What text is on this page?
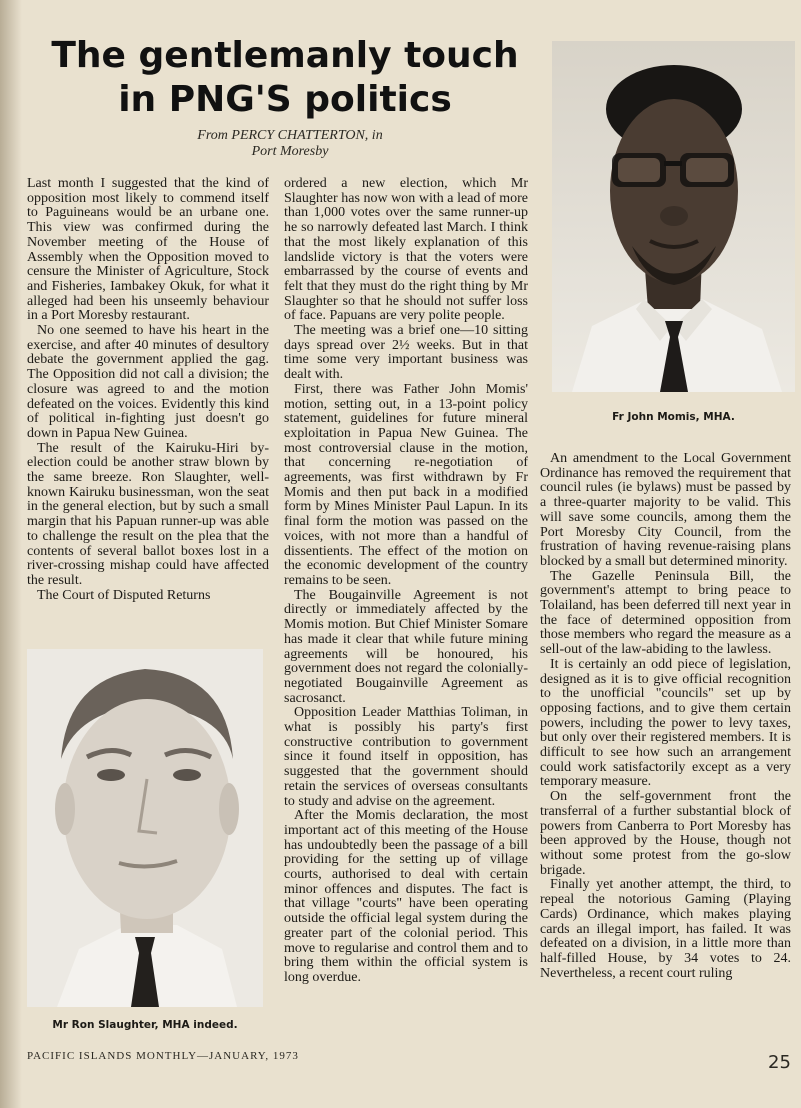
The gentlemanly touch
in PNG'S politics
From PERCY CHATTERTON, in
Port Moresby

Last month I suggested that the kind of opposition most likely to commend itself to Paguineans would be an urbane one. This view was confirmed during the November meeting of the House of Assembly when the Opposition moved to censure the Minister of Agriculture, Stock and Fisheries, Iambakey Okuk, for what it alleged had been his unseemly behaviour in a Port Moresby restaurant.

No one seemed to have his heart in the exercise, and after 40 minutes of desultory debate the government applied the gag. The Opposition did not call a division; the closure was agreed to and the motion defeated on the voices. Evidently this kind of political in-fighting just doesn't go down in Papua New Guinea.

The result of the Kairuku-Hiri by-election could be another straw blown by the same breeze. Ron Slaughter, well-known Kairuku businessman, won the seat in the general election, but by such a small margin that his Papuan runner-up was able to challenge the result on the plea that the contents of several ballot boxes lost in a river-crossing mishap could have affected the result.

The Court of Disputed Returns

ordered a new election, which Mr Slaughter has now won with a lead of more than 1,000 votes over the same runner-up he so narrowly defeated last March. I think that the most likely explanation of this landslide victory is that the voters were embarrassed by the course of events and felt that they must do the right thing by Mr Slaughter so that he should not suffer loss of face. Papuans are very polite people.

The meeting was a brief one—10 sitting days spread over 2½ weeks. But in that time some very important business was dealt with.

First, there was Father John Momis' motion, setting out, in a 13-point policy statement, guidelines for future mineral exploitation in Papua New Guinea. The most controversial clause in the motion, that concerning re-negotiation of agreements, was first withdrawn by Fr Momis and then put back in a modified form by Mines Minister Paul Lapun. In its final form the motion was passed on the voices, with not more than a handful of dissentients. The effect of the motion on the economic development of the country remains to be seen.

The Bougainville Agreement is not directly or immediately affected by the Momis motion. But Chief Minister Somare has made it clear that while future mining agreements will be honoured, his government does not regard the colonially-negotiated Bougainville Agreement as sacrosanct.

Opposition Leader Matthias Toliman, in what is possibly his party's first constructive contribution to government since it found itself in opposition, has suggested that the government should retain the services of overseas consultants to study and advise on the agreement.

After the Momis declaration, the most important act of this meeting of the House has undoubtedly been the passage of a bill providing for the setting up of village courts, authorised to deal with certain minor offences and disputes. The fact is that village "courts" have been operating outside the official legal system during the greater part of the colonial period. This move to regularise and control them and to bring them within the official system is long overdue.

An amendment to the Local Government Ordinance has removed the requirement that council rules (ie bylaws) must be passed by a three-quarter majority to be valid. This will save some councils, among them the Port Moresby City Council, from the frustration of having revenue-raising plans blocked by a small but determined minority.

The Gazelle Peninsula Bill, the government's attempt to bring peace to Tolailand, has been deferred till next year in the face of determined opposition from those members who regard the measure as a sell-out of the law-abiding to the lawless.

It is certainly an odd piece of legislation, designed as it is to give official recognition to the unofficial "councils" set up by opposing factions, and to give them certain powers, including the power to levy taxes, but only over their registered members. It is difficult to see how such an arrangement could work satisfactorily except as a very temporary measure.

On the self-government front the transferral of a further substantial block of powers from Canberra to Port Moresby has been approved by the House, though not without some protest from the go-slow brigade.

Finally yet another attempt, the third, to repeal the notorious Gaming (Playing Cards) Ordinance, which makes playing cards an illegal import, has failed. It was defeated on a division, in a little more than half-filled House, by 34 votes to 24. Nevertheless, a recent court ruling

Fr John Momis, MHA.
Mr Ron Slaughter, MHA indeed.
PACIFIC ISLANDS MONTHLY—JANUARY, 1973	25
